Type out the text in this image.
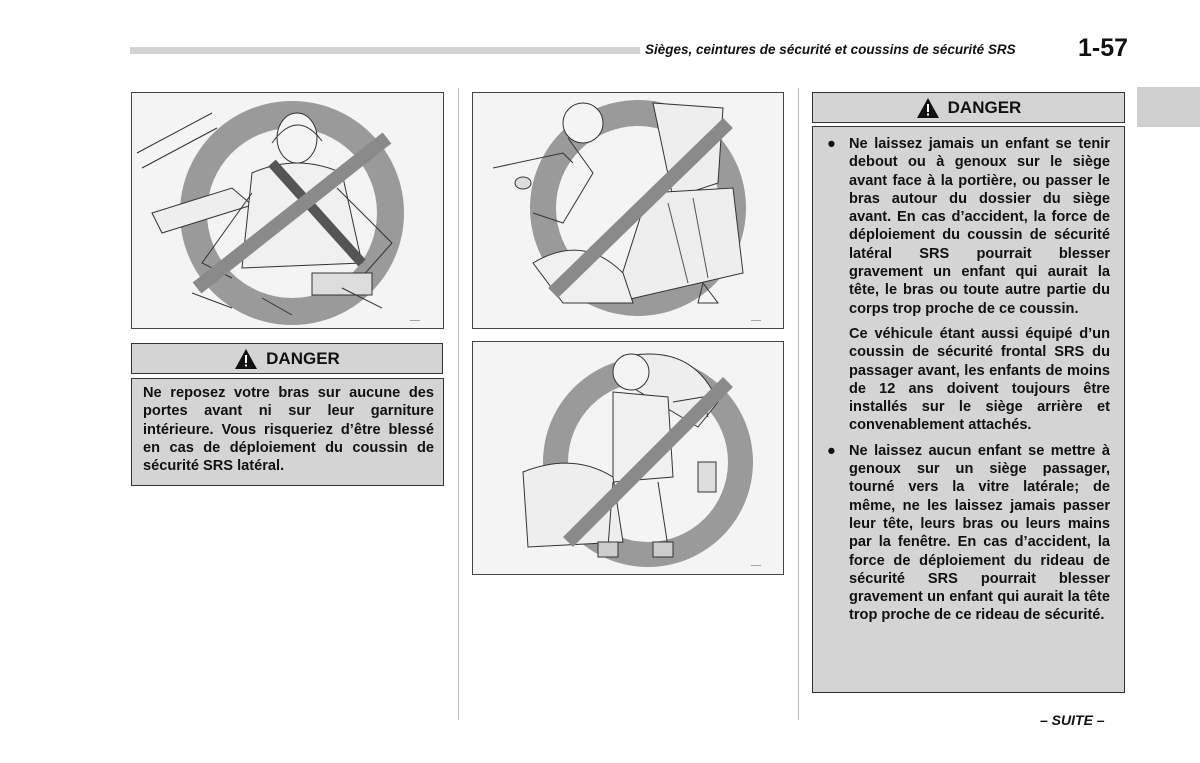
Sièges, ceintures de sécurité et coussins de sécurité SRS 1-57
___
DANGER
Ne reposez votre bras sur aucune des portes avant ni sur leur garniture intérieure. Vous risqueriez d’être blessé en cas de déploiement du coussin de sécurité SRS latéral.
___
___
DANGER
● Ne laissez jamais un enfant se tenir debout ou à genoux sur le siège avant face à la portière, ou passer le bras autour du dossier du siège avant. En cas d’accident, la force de déploiement du coussin de sécurité latéral SRS pourrait blesser gravement un enfant qui aurait la tête, le bras ou toute autre partie du corps trop proche de ce coussin.
Ce véhicule étant aussi équipé d’un coussin de sécurité frontal SRS du passager avant, les enfants de moins de 12 ans doivent toujours être installés sur le siège arrière et convenablement attachés.
● Ne laissez aucun enfant se mettre à genoux sur un siège passager, tourné vers la vitre latérale; de même, ne les laissez jamais passer leur tête, leurs bras ou leurs mains par la fenêtre. En cas d’accident, la force de déploiement du rideau de sécurité SRS pourrait blesser gravement un enfant qui aurait la tête trop proche de ce rideau de sécurité.
– SUITE –
